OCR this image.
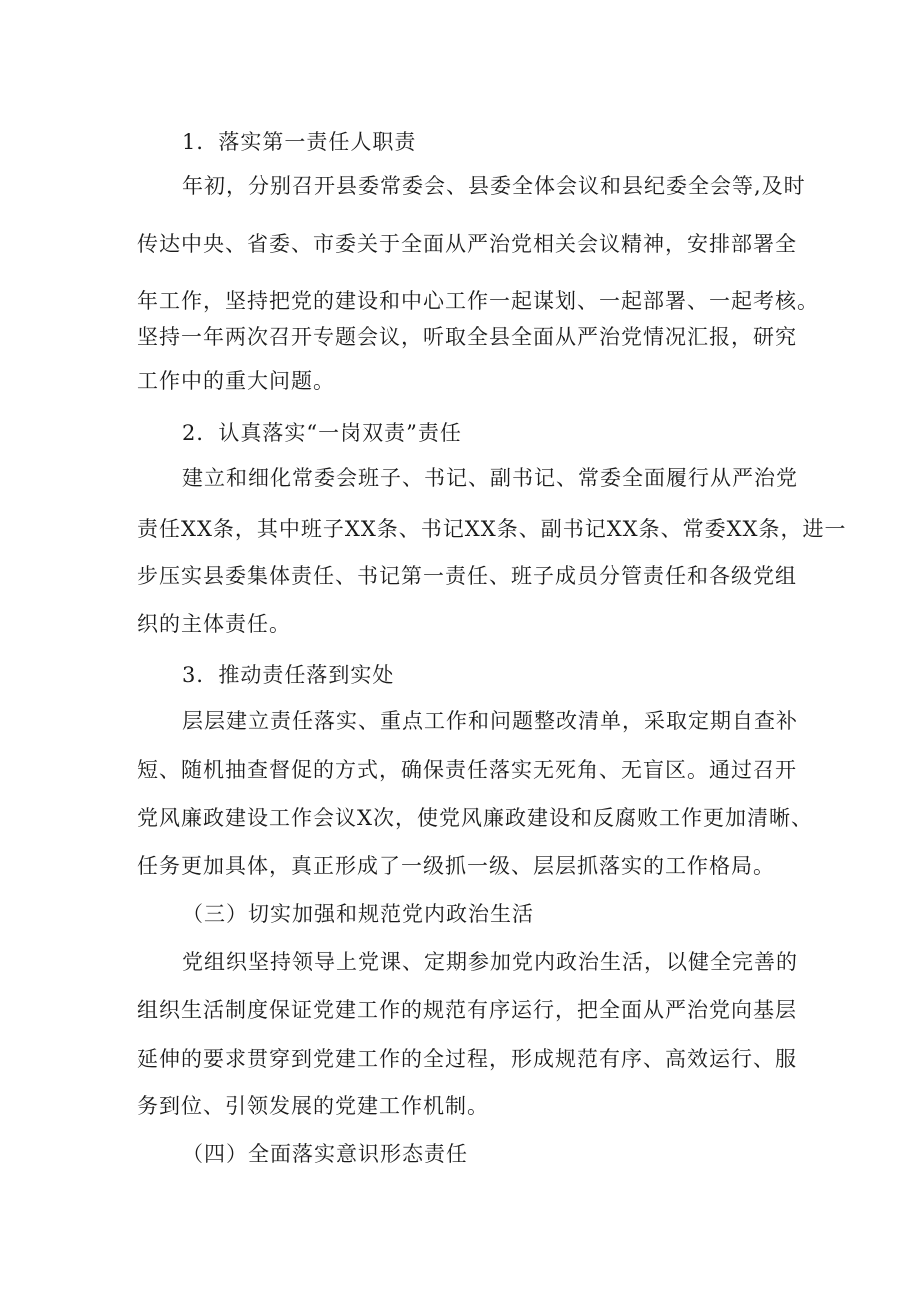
1．落实第一责任人职责
年初，分别召开县委常委会、县委全体会议和县纪委全会等,及时
传达中央、省委、市委关于全面从严治党相关会议精神，安排部署全
年工作，坚持把党的建设和中心工作一起谋划、一起部署、一起考核。
坚持一年两次召开专题会议，听取全县全面从严治党情况汇报，研究
工作中的重大问题。
2．认真落实“一岗双责”责任
建立和细化常委会班子、书记、副书记、常委全面履行从严治党
责任XX条，其中班子XX条、书记XX条、副书记XX条、常委XX条，进一
步压实县委集体责任、书记第一责任、班子成员分管责任和各级党组
织的主体责任。
3．推动责任落到实处
层层建立责任落实、重点工作和问题整改清单，采取定期自查补
短、随机抽查督促的方式，确保责任落实无死角、无盲区。通过召开
党风廉政建设工作会议X次，使党风廉政建设和反腐败工作更加清晰、
任务更加具体，真正形成了一级抓一级、层层抓落实的工作格局。
（三）切实加强和规范党内政治生活
党组织坚持领导上党课、定期参加党内政治生活，以健全完善的
组织生活制度保证党建工作的规范有序运行，把全面从严治党向基层
延伸的要求贯穿到党建工作的全过程，形成规范有序、高效运行、服
务到位、引领发展的党建工作机制。
（四）全面落实意识形态责任
